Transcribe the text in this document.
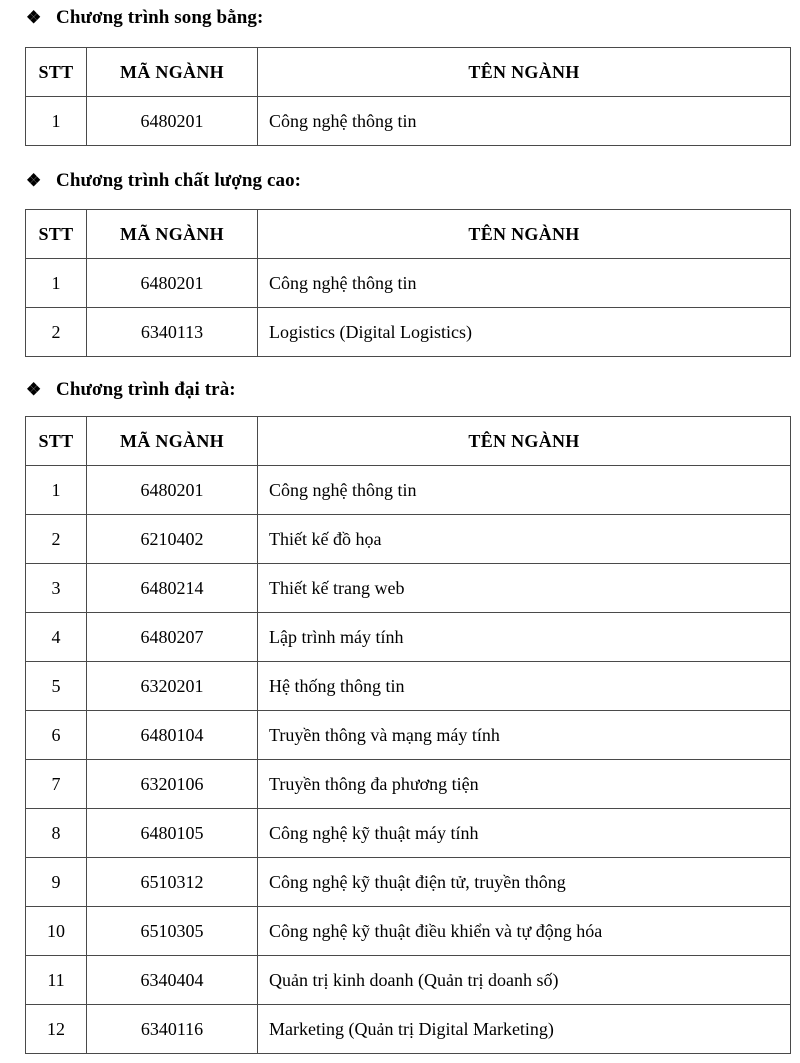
❖ Chương trình song bằng:
STT	MÃ NGÀNH	TÊN NGÀNH
1	6480201	Công nghệ thông tin
❖ Chương trình chất lượng cao:
STT	MÃ NGÀNH	TÊN NGÀNH
1	6480201	Công nghệ thông tin
2	6340113	Logistics (Digital Logistics)
❖ Chương trình đại trà:
STT	MÃ NGÀNH	TÊN NGÀNH
1	6480201	Công nghệ thông tin
2	6210402	Thiết kế đồ họa
3	6480214	Thiết kế trang web
4	6480207	Lập trình máy tính
5	6320201	Hệ thống thông tin
6	6480104	Truyền thông và mạng máy tính
7	6320106	Truyền thông đa phương tiện
8	6480105	Công nghệ kỹ thuật máy tính
9	6510312	Công nghệ kỹ thuật điện tử, truyền thông
10	6510305	Công nghệ kỹ thuật điều khiển và tự động hóa
11	6340404	Quản trị kinh doanh (Quản trị doanh số)
12	6340116	Marketing (Quản trị Digital Marketing)
